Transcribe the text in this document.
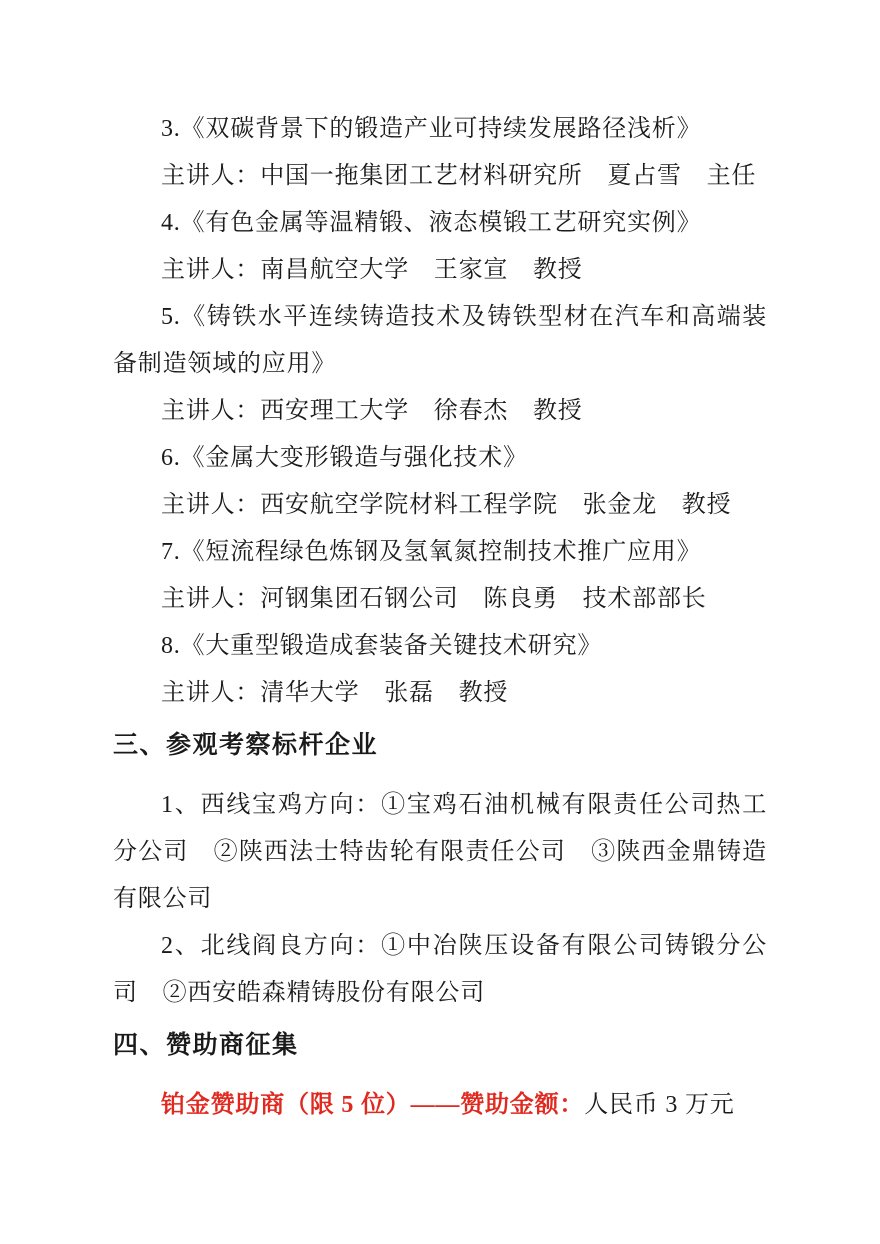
3.《双碳背景下的锻造产业可持续发展路径浅析》

主讲人：中国一拖集团工艺材料研究所　夏占雪　主任

4.《有色金属等温精锻、液态模锻工艺研究实例》

主讲人：南昌航空大学　王家宣　教授

5.《铸铁水平连续铸造技术及铸铁型材在汽车和高端装备制造领域的应用》

主讲人：西安理工大学　徐春杰　教授

6.《金属大变形锻造与强化技术》

主讲人：西安航空学院材料工程学院　张金龙　教授

7.《短流程绿色炼钢及氢氧氮控制技术推广应用》

主讲人：河钢集团石钢公司　陈良勇　技术部部长

8.《大重型锻造成套装备关键技术研究》

主讲人：清华大学　张磊　教授

三、参观考察标杆企业

1、西线宝鸡方向：①宝鸡石油机械有限责任公司热工分公司　②陕西法士特齿轮有限责任公司　③陕西金鼎铸造有限公司

2、北线阎良方向：①中冶陕压设备有限公司铸锻分公司　②西安皓森精铸股份有限公司

四、赞助商征集

铂金赞助商（限 5 位）——赞助金额：人民币 3 万元
